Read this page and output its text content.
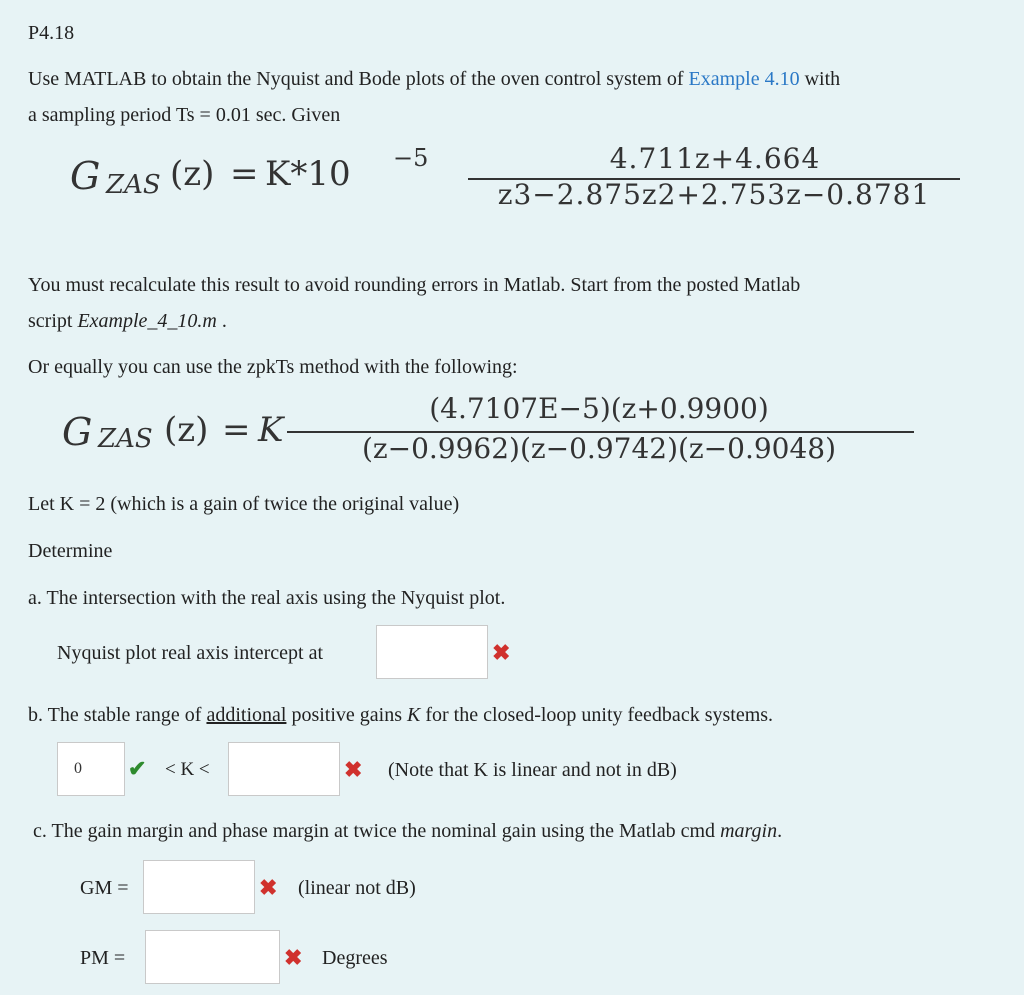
P4.18
Use MATLAB to obtain the Nyquist and Bode plots of the oven control system of Example 4.10 with
a sampling period Ts = 0.01 sec. Given
G ZAS (z) = K*10 −5	4.711z+4.664
z3−2.875z2+2.753z−0.8781
You must recalculate this result to avoid rounding errors in Matlab. Start from the posted Matlab
script Example_4_10.m .
Or equally you can use the zpkTs method with the following:
G ZAS (z) = K
(4.7107E−5)(z+0.9900)
(z−0.9962)(z−0.9742)(z−0.9048)
Let K = 2 (which is a gain of twice the original value)
Determine
a. The intersection with the real axis using the Nyquist plot.
Nyquist plot real axis intercept at	✖
b. The stable range of additional positive gains K for the closed-loop unity feedback systems.
0
✔ < K <	✖ (Note that K is linear and not in dB)
c. The gain margin and phase margin at twice the nominal gain using the Matlab cmd margin.
GM =	✖ (linear not dB)
PM =	✖ Degrees
